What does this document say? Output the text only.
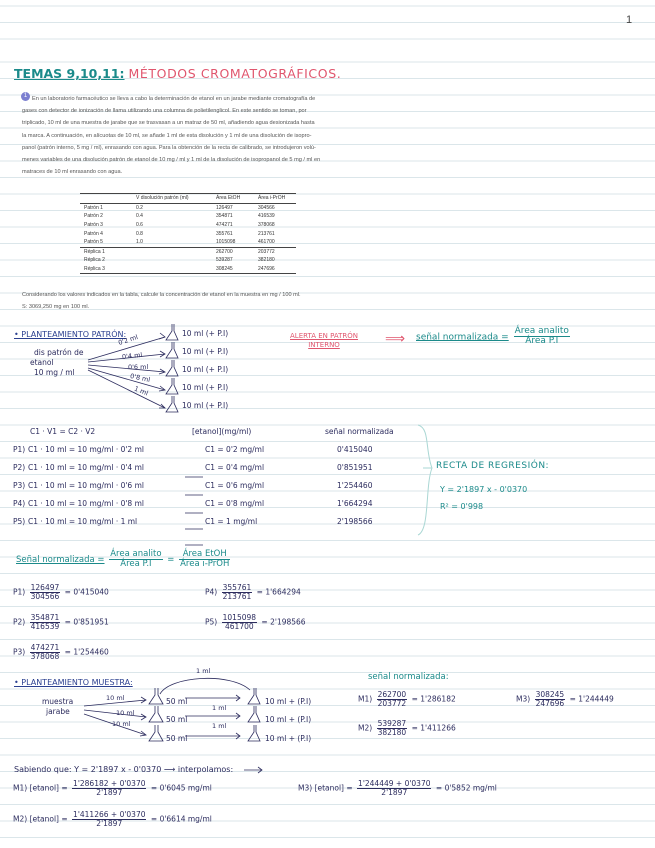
1
TEMAS 9,10,11: MÉTODOS CROMATOGRÁFICOS.
1 En un laboratorio farmacéutico se lleva a cabo la determinación de etanol en un jarabe mediante cromatografía de
gases con detector de ionización de llama utilizando una columna de polietilenglicol. En este sentido se toman, por
triplicado, 10 ml de una muestra de jarabe que se trasvasan a un matraz de 50 ml, añadiendo agua desionizada hasta
la marca. A continuación, en alícuotas de 10 ml, se añade 1 ml de esta disolución y 1 ml de una disolución de isopro-
panol (patrón interno, 5 mg / ml), enrasando con agua. Para la obtención de la recta de calibrado, se introdujeron volú-
menes variables de una disolución patrón de etanol de 10 mg / ml y 1 ml de la disolución de isopropanol de 5 mg / ml en
matraces de 10 ml enrasando con agua.
	V disolución patrón (ml)	Área EtOH	Área i-PrOH
Patrón 1	0.2	126497	304566
Patrón 2	0.4	354871	416539
Patrón 3	0.6	474271	378068
Patrón 4	0.8	355761	213761
Patrón 5	1.0	1015098	461700
Réplica 1		262700	203772
Réplica 2		539287	382180
Réplica 3		308245	247696
Considerando los valores indicados en la tabla, calcule la concentración de etanol en la muestra en mg / 100 ml.
S: 3069,250 mg en 100 ml.
• PLANTEAMIENTO PATRÓN:
dis patrón de
etanol
10 mg / ml
0'2 ml
0'4 ml
0'6 ml
0'8 ml
1 ml
10 ml (+ P.I)
10 ml (+ P.I)
10 ml (+ P.I)
10 ml (+ P.I)
10 ml (+ P.I)
ALERTA EN PATRÓN
INTERNO	⟹ señal normalizada = $\frac{\text{Área analito}}{\text{Área P.I}}$
C1 · V1 = C2 · V2	[etanol](mg/ml)	señal normalizada
P1) C1 · 10 ml = 10 mg/ml · 0'2 ml	C1 = 0'2 mg/ml	0'415040
P2) C1 · 10 ml = 10 mg/ml · 0'4 ml	C1 = 0'4 mg/ml	0'851951
P3) C1 · 10 ml = 10 mg/ml · 0'6 ml	C1 = 0'6 mg/ml	1'254460
P4) C1 · 10 ml = 10 mg/ml · 0'8 ml	C1 = 0'8 mg/ml	1'664294
P5) C1 · 10 ml = 10 mg/ml · 1 ml	C1 = 1 mg/ml	2'198566
RECTA DE REGRESIÓN:
Y = 2'1897 x - 0'0370
R² = 0'998
Señal normalizada = $\frac{\text{Área analito}}{\text{Área P.I}} = \frac{\text{Área EtOH}}{\text{Área i-PrOH}}$
$P1) \frac{126497}{304566} = 0'415040$
$P2) \frac{354871}{416539} = 0'851951$
$P3) \frac{474271}{378068} = 1'254460$
$P4) \frac{355761}{213761} = 1'664294$
$P5) \frac{1015098}{461700} = 2'198566$
• PLANTEAMIENTO MUESTRA:
muestra
jarabe
10 ml
10 ml
10 ml
50 ml
50 ml
50 ml
1 ml
1 ml
1 ml
10 ml + (P.I)
10 ml + (P.I)
10 ml + (P.I)
señal normalizada:
$M1) \frac{262700}{203772} = 1'286182$
$M2) \frac{539287}{382180} = 1'411266$
$M3) \frac{308245}{247696} = 1'244449$
Sabiendo que: Y = 2'1897 x - 0'0370 ⟶ interpolamos:
M1) [etanol] = $\frac{1'286182 + 0'0370}{2'1897} = 0'6045$ mg/ml	M3) [etanol] = $\frac{1'244449 + 0'0370}{2'1897} = 0'5852$ mg/ml
M2) [etanol] = $\frac{1'411266 + 0'0370}{2'1897} = 0'6614$ mg/ml
